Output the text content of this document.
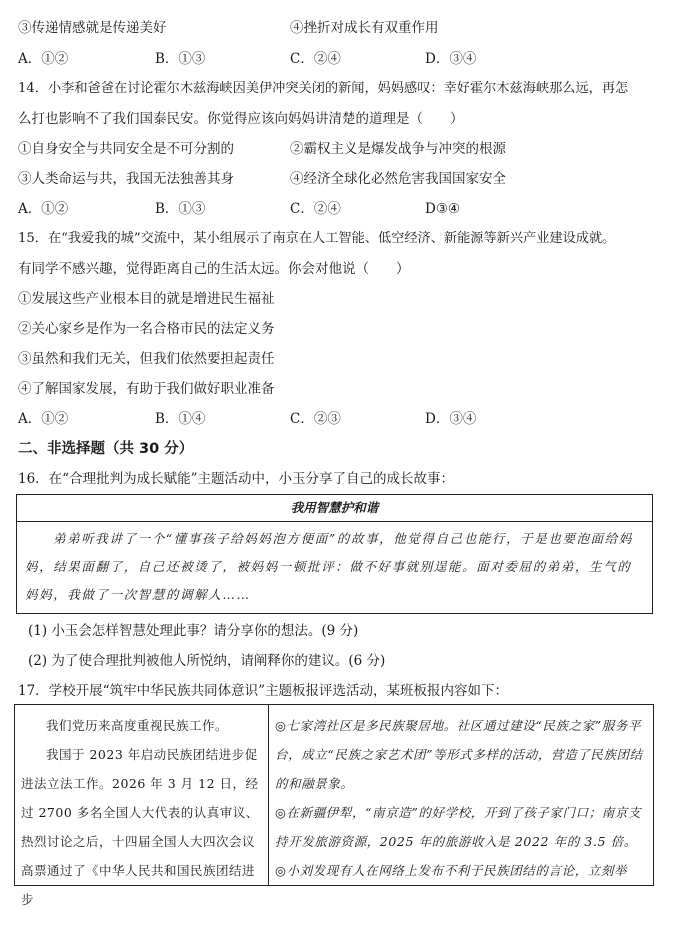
③传递情感就是传递美好	④挫折对成长有双重作用
A．①②	B．①③	C．②④	D．③④
14．小李和爸爸在讨论霍尔木兹海峡因美伊冲突关闭的新闻，妈妈感叹：幸好霍尔木兹海峡那么远，再怎
么打也影响不了我们国泰民安。你觉得应该向妈妈讲清楚的道理是（　　）
①自身安全与共同安全是不可分割的	②霸权主义是爆发战争与冲突的根源
③人类命运与共，我国无法独善其身	④经济全球化必然危害我国国家安全
A．①②	B．①③	C．②④	D③④
15．在“我爱我的城”交流中，某小组展示了南京在人工智能、低空经济、新能源等新兴产业建设成就。
有同学不感兴趣，觉得距离自己的生活太远。你会对他说（　　）
①发展这些产业根本目的就是增进民生福祉
②关心家乡是作为一名合格市民的法定义务
③虽然和我们无关，但我们依然要担起责任
④了解国家发展，有助于我们做好职业准备
A．①②	B．①④	C．②③	D．③④
二、非选择题（共 30 分）
16．在“合理批判为成长赋能”主题活动中，小玉分享了自己的成长故事：
我用智慧护和谐
弟弟听我讲了一个“懂事孩子给妈妈泡方便面”的故事，他觉得自己也能行，于是也要泡面给妈妈，结果面翻了，自己还被烫了，被妈妈一顿批评：做不好事就别逞能。面对委屈的弟弟，生气的妈妈，我做了一次智慧的调解人……
(1) 小玉会怎样智慧处理此事？请分享你的想法。(9 分)
(2) 为了使合理批判被他人所悦纳，请阐释你的建议。(6 分)
17．学校开展“筑牢中华民族共同体意识”主题板报评选活动，某班板报内容如下：

我们党历来高度重视民族工作。

我国于 2023 年启动民族团结进步促进法立法工作。2026 年 3 月 12 日，经过 2700 多名全国人大代表的认真审议、热烈讨论之后，十四届全国人大四次会议高票通过了《中华人民共和国民族团结进步

◎七家湾社区是多民族聚居地。社区通过建设“民族之家”服务平台，成立“民族之家艺术团”等形式多样的活动，营造了民族团结的和融景象。

◎在新疆伊犁，“南京造”的好学校，开到了孩子家门口；南京支持开发旅游资源，2025 年的旅游收入是 2022 年的 3.5 倍。

◎小刘发现有人在网络上发布不利于民族团结的言论，立刻举
